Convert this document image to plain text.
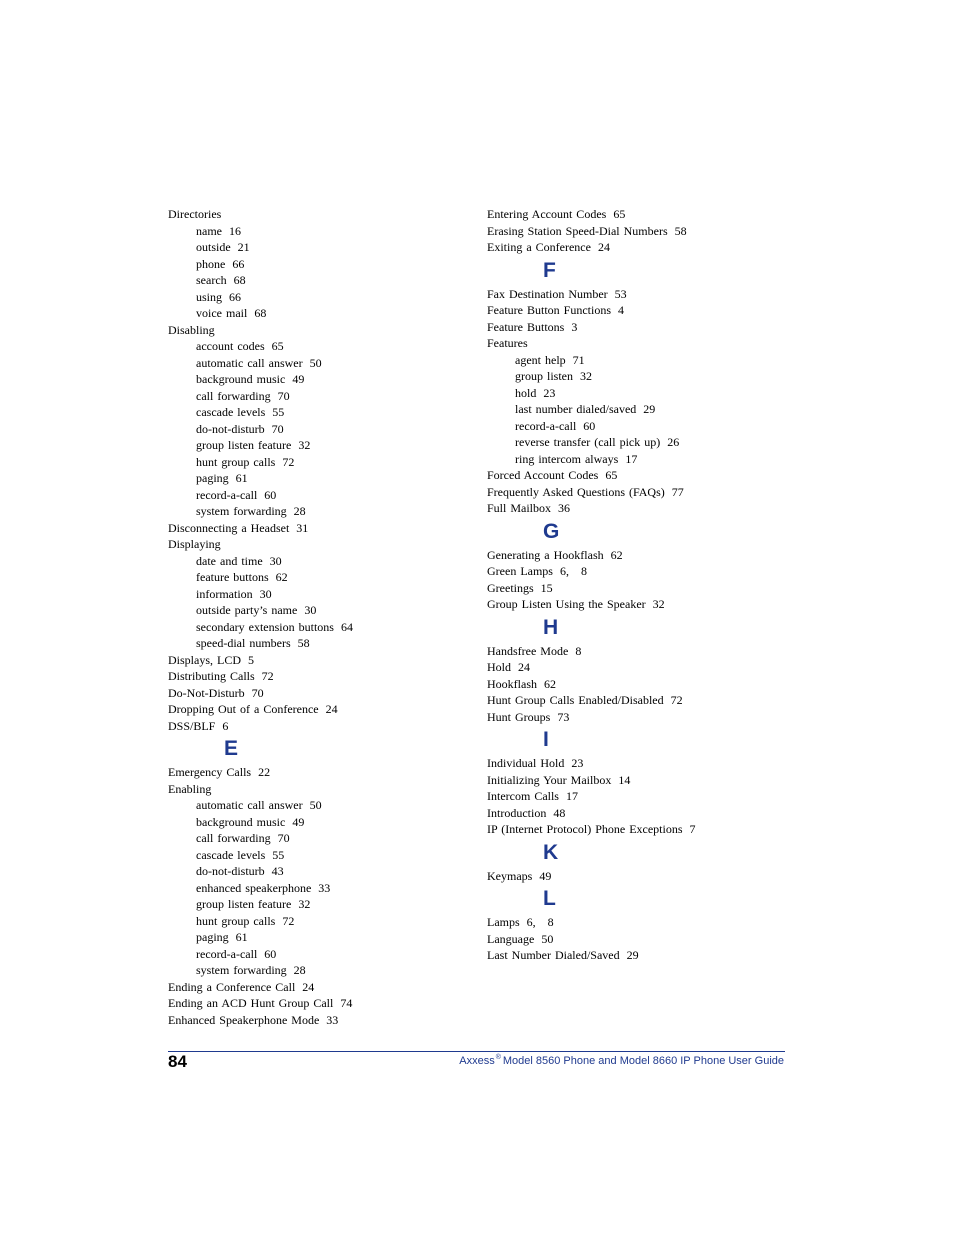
Directories
name 16
outside 21
phone 66
search 68
using 66
voice mail 68
Disabling
account codes 65
automatic call answer 50
background music 49
call forwarding 70
cascade levels 55
do-not-disturb 70
group listen feature 32
hunt group calls 72
paging 61
record-a-call 60
system forwarding 28
Disconnecting a Headset 31
Displaying
date and time 30
feature buttons 62
information 30
outside party’s name 30
secondary extension buttons 64
speed-dial numbers 58
Displays, LCD 5
Distributing Calls 72
Do-Not-Disturb 70
Dropping Out of a Conference 24
DSS/BLF 6
E
Emergency Calls 22
Enabling
automatic call answer 50
background music 49
call forwarding 70
cascade levels 55
do-not-disturb 43
enhanced speakerphone 33
group listen feature 32
hunt group calls 72
paging 61
record-a-call 60
system forwarding 28
Ending a Conference Call 24
Ending an ACD Hunt Group Call 74
Enhanced Speakerphone Mode 33
Entering Account Codes 65
Erasing Station Speed-Dial Numbers 58
Exiting a Conference 24
F
Fax Destination Number 53
Feature Button Functions 4
Feature Buttons 3
Features
agent help 71
group listen 32
hold 23
last number dialed/saved 29
record-a-call 60
reverse transfer (call pick up) 26
ring intercom always 17
Forced Account Codes 65
Frequently Asked Questions (FAQs) 77
Full Mailbox 36
G
Generating a Hookflash 62
Green Lamps 6,   8
Greetings 15
Group Listen Using the Speaker 32
H
Handsfree Mode 8
Hold 24
Hookflash 62
Hunt Group Calls Enabled/Disabled 72
Hunt Groups 73
I
Individual Hold 23
Initializing Your Mailbox 14
Intercom Calls 17
Introduction 48
IP (Internet Protocol) Phone Exceptions 7
K
Keymaps 49
L
Lamps 6,   8
Language 50
Last Number Dialed/Saved 29
84	Axxess® Model 8560 Phone and Model 8660 IP Phone User Guide
